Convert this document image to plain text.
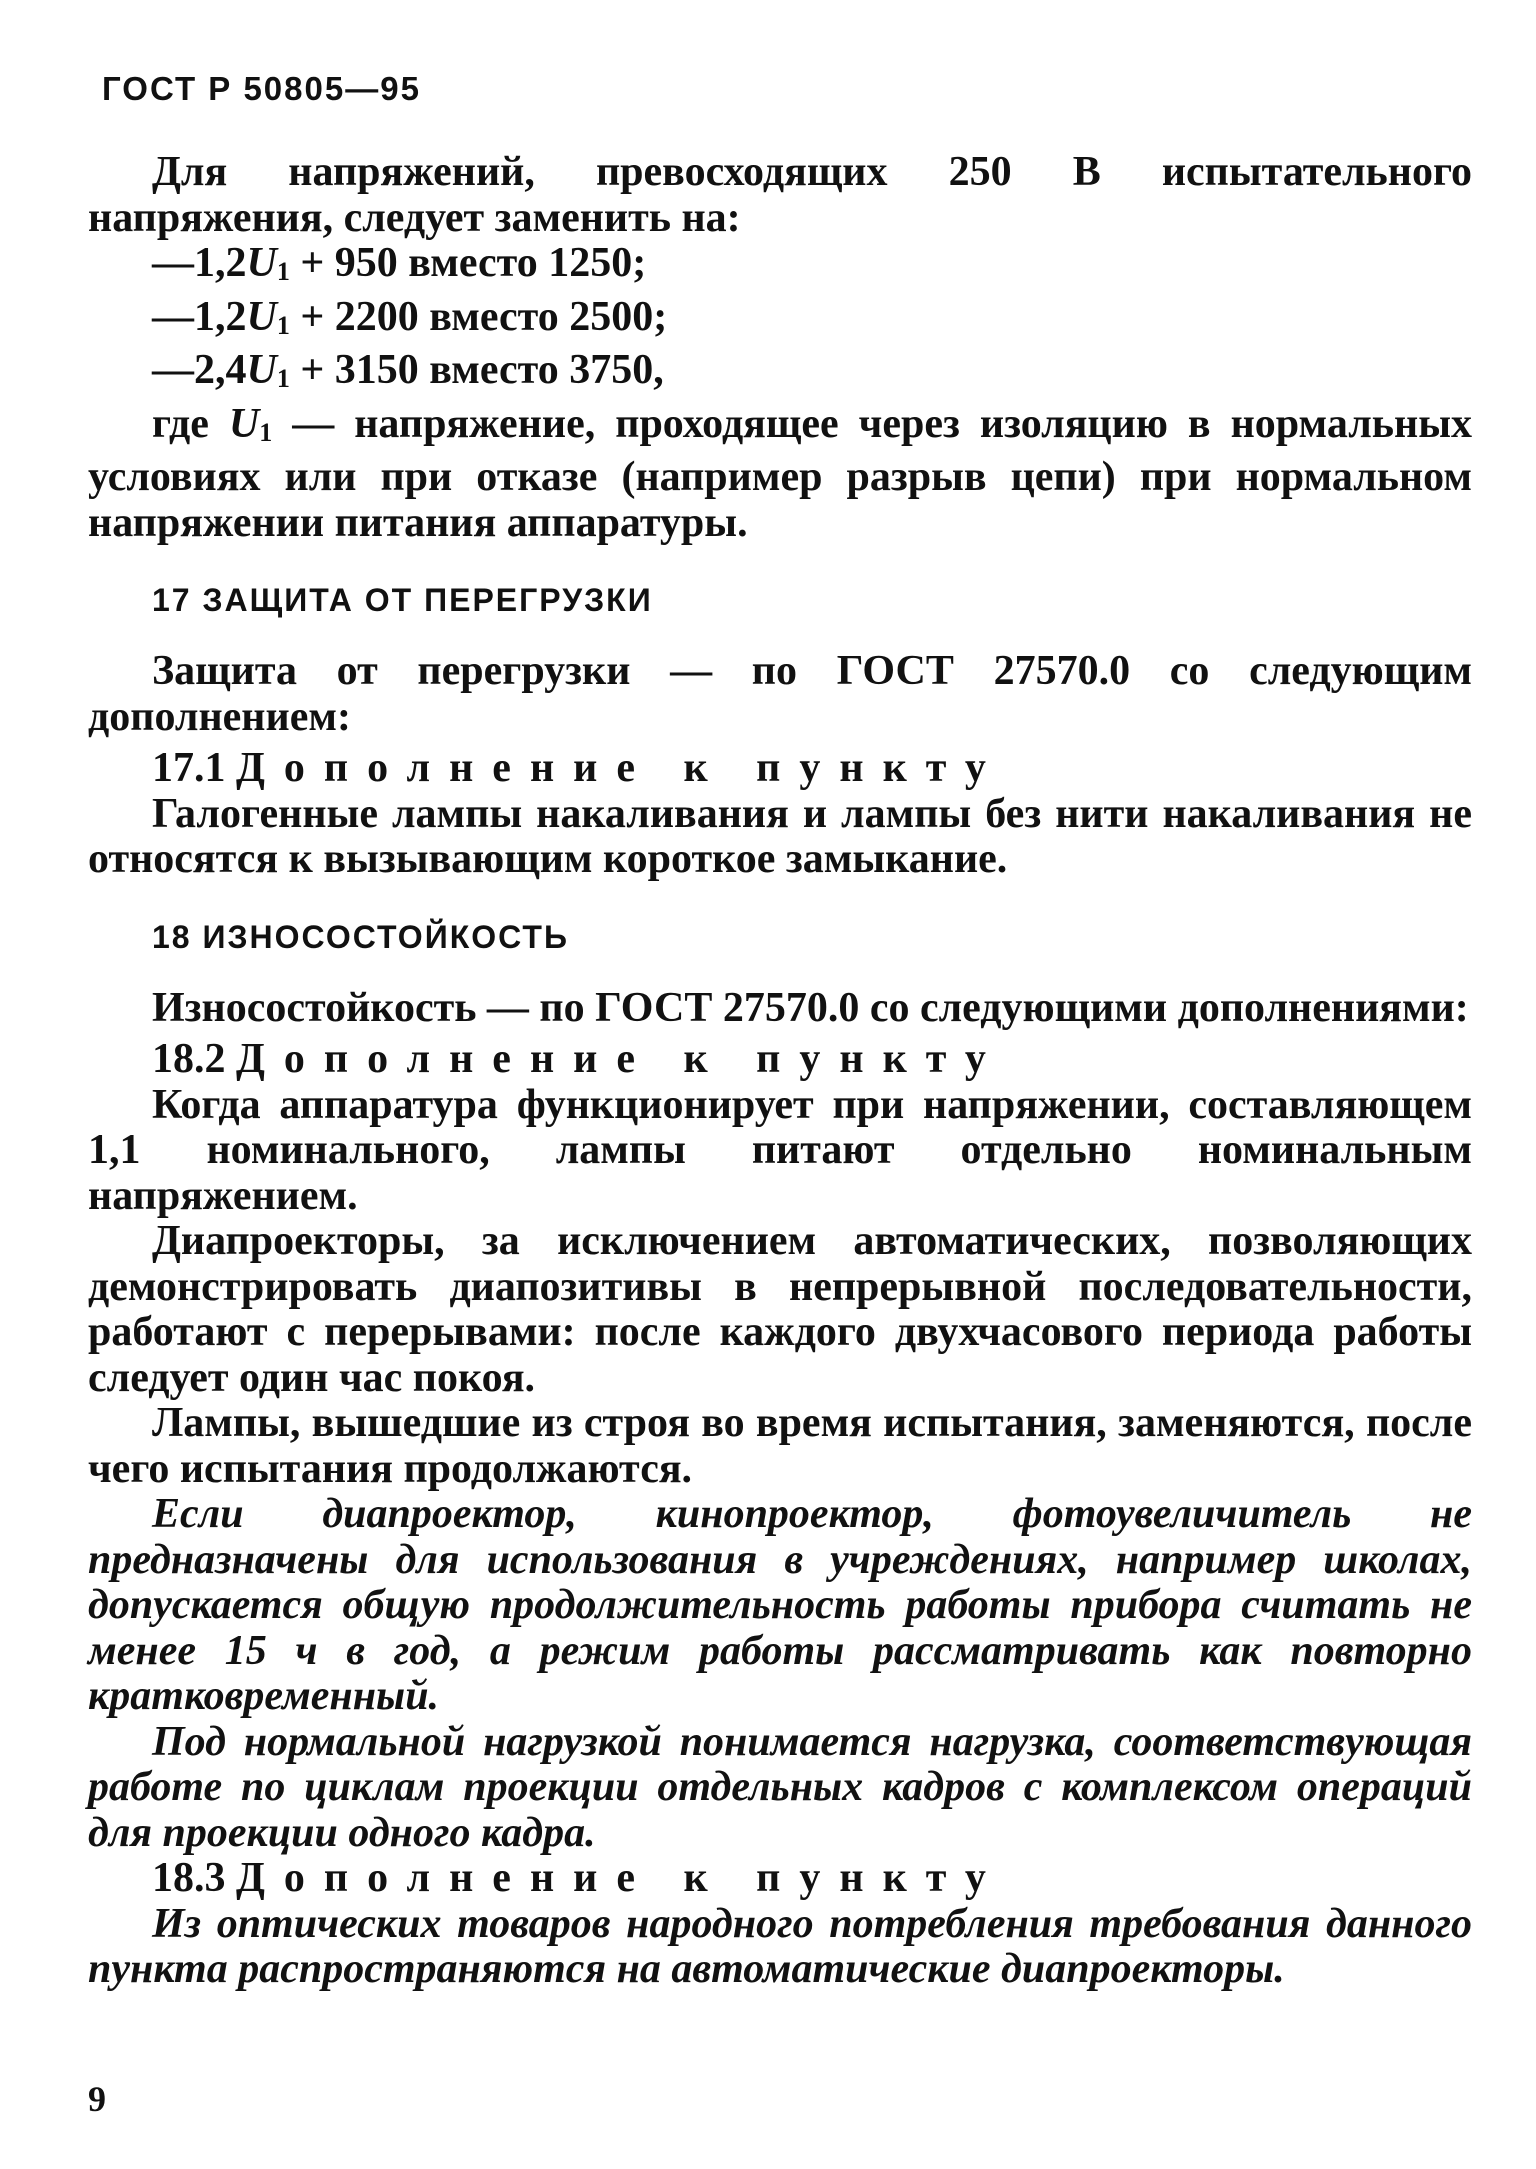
ГОСТ Р 50805—95

Для напряжений, превосходящих 250 В испытательного напряжения, следует заменить на:

—1,2U1 + 950 вместо 1250;

—1,2U1 + 2200 вместо 2500;

—2,4U1 + 3150 вместо 3750,

где U1 — напряжение, проходящее через изоляцию в нормальных условиях или при отказе (например разрыв цепи) при нормальном напряжении питания аппаратуры.

17 ЗАЩИТА ОТ ПЕРЕГРУЗКИ

Защита от перегрузки — по ГОСТ 27570.0 со следующим дополнением:

17.1 Дополнение к пункту

Галогенные лампы накаливания и лампы без нити накаливания не относятся к вызывающим короткое замыкание.

18 ИЗНОСОСТОЙКОСТЬ

Износостойкость — по ГОСТ 27570.0 со следующими дополнениями:

18.2 Дополнение к пункту

Когда аппаратура функционирует при напряжении, составляющем 1,1 номинального, лампы питают отдельно номинальным напряжением.

Диапроекторы, за исключением автоматических, позволяющих демонстрировать диапозитивы в непрерывной последовательности, работают с перерывами: после каждого двухчасового периода работы следует один час покоя.

Лампы, вышедшие из строя во время испытания, заменяются, после чего испытания продолжаются.

Если диапроектор, кинопроектор, фотоувеличитель не предназначены для использования в учреждениях, например школах, допускается общую продолжительность работы прибора считать не менее 15 ч в год, а режим работы рассматривать как повторно кратковременный.

Под нормальной нагрузкой понимается нагрузка, соответствующая работе по циклам проекции отдельных кадров с комплексом операций для проекции одного кадра.

18.3 Дополнение к пункту

Из оптических товаров народного потребления требования данного пункта распространяются на автоматические диапроекторы.

9
